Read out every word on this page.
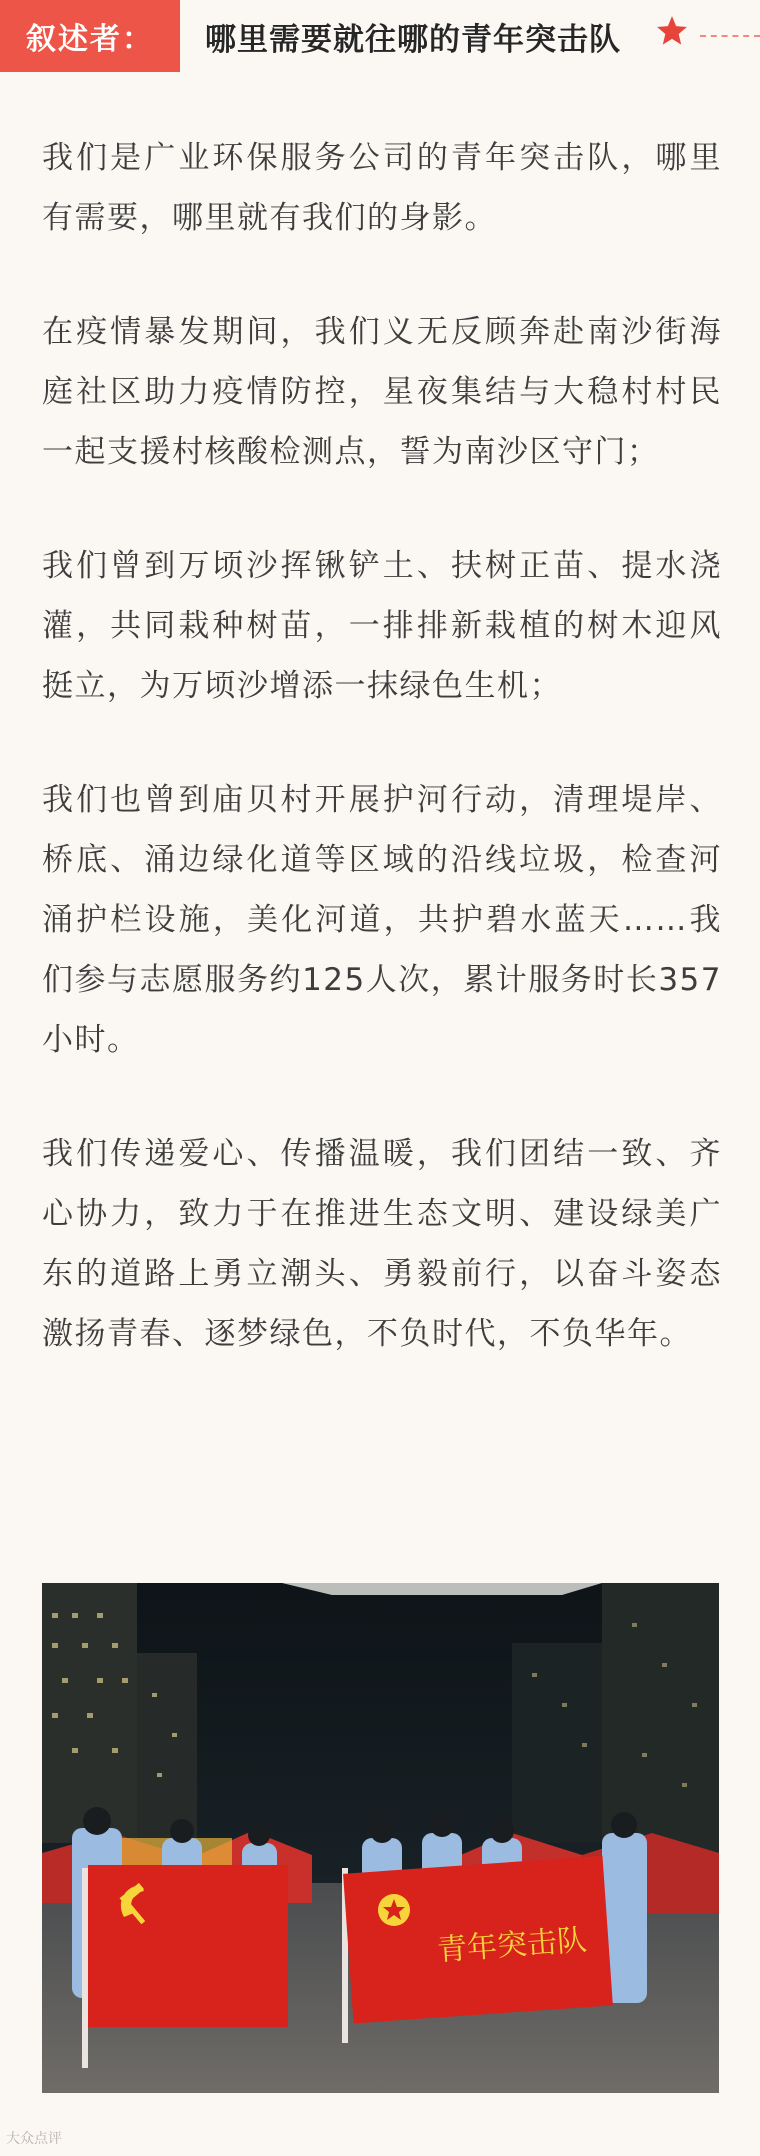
叙述者：	哪里需要就往哪的青年突击队

我们是广业环保服务公司的青年突击队，哪里有需要，哪里就有我们的身影。

在疫情暴发期间，我们义无反顾奔赴南沙街海庭社区助力疫情防控，星夜集结与大稳村村民一起支援村核酸检测点，誓为南沙区守门；

我们曾到万顷沙挥锹铲土、扶树正苗、提水浇灌，共同栽种树苗，一排排新栽植的树木迎风挺立，为万顷沙增添一抹绿色生机；

我们也曾到庙贝村开展护河行动，清理堤岸、桥底、涌边绿化道等区域的沿线垃圾，检查河涌护栏设施，美化河道，共护碧水蓝天……我们参与志愿服务约125人次，累计服务时长357小时。

我们传递爱心、传播温暖，我们团结一致、齐心协力，致力于在推进生态文明、建设绿美广东的道路上勇立潮头、勇毅前行，以奋斗姿态激扬青春、逐梦绿色，不负时代，不负华年。

青年突击队
大众点评
